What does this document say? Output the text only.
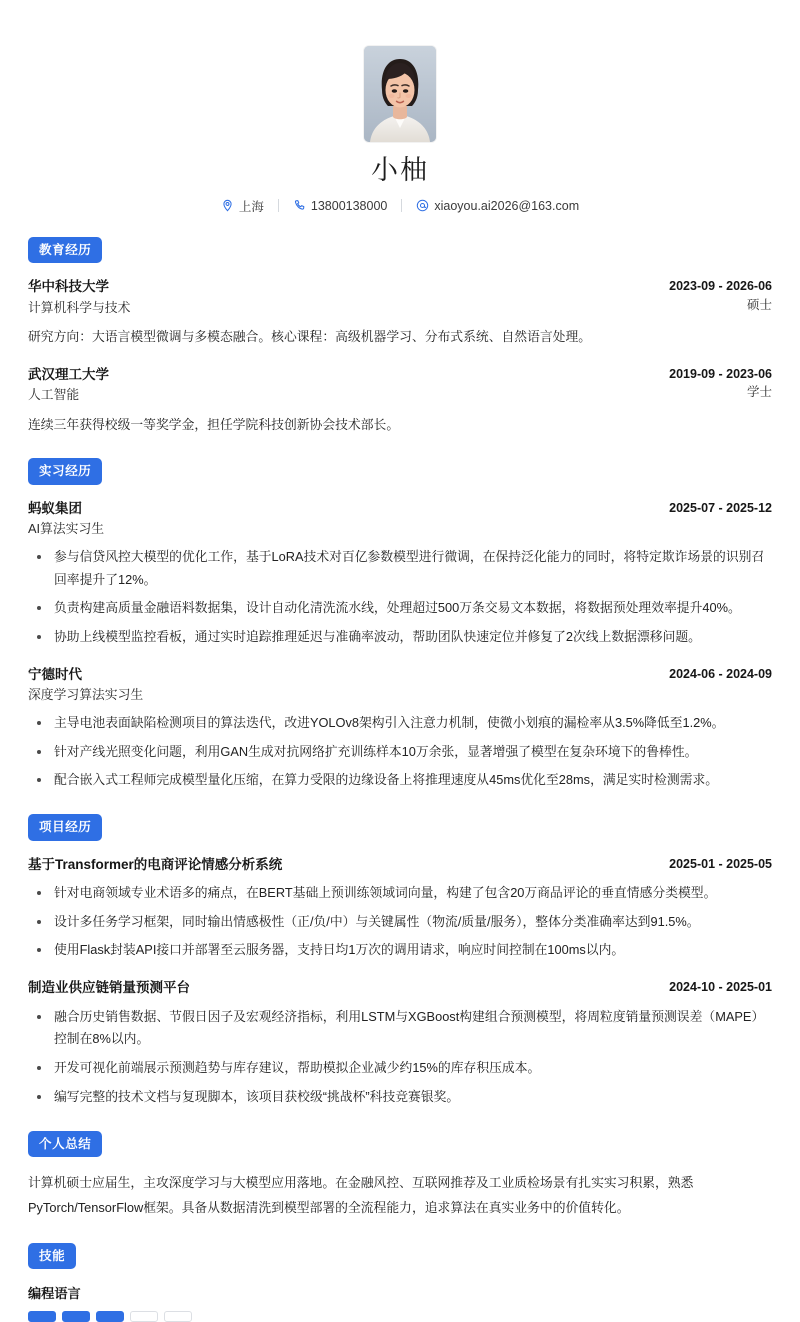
小柚
上海	13800138000	xiaoyou.ai2026@163.com
教育经历
华中科技大学
计算机科学与技术
2023-09 - 2026-06
硕士
研究方向：大语言模型微调与多模态融合。核心课程：高级机器学习、分布式系统、自然语言处理。
武汉理工大学
人工智能
2019-09 - 2023-06
学士
连续三年获得校级一等奖学金，担任学院科技创新协会技术部长。
实习经历
蚂蚁集团
AI算法实习生
2025-07 - 2025-12
参与信贷风控大模型的优化工作，基于LoRA技术对百亿参数模型进行微调，在保持泛化能力的同时，将特定欺诈场景的识别召回率提升了12%。
负责构建高质量金融语料数据集，设计自动化清洗流水线，处理超过500万条交易文本数据，将数据预处理效率提升40%。
协助上线模型监控看板，通过实时追踪推理延迟与准确率波动，帮助团队快速定位并修复了2次线上数据漂移问题。
宁德时代
深度学习算法实习生
2024-06 - 2024-09
主导电池表面缺陷检测项目的算法迭代，改进YOLOv8架构引入注意力机制，使微小划痕的漏检率从3.5%降低至1.2%。
针对产线光照变化问题，利用GAN生成对抗网络扩充训练样本10万余张，显著增强了模型在复杂环境下的鲁棒性。
配合嵌入式工程师完成模型量化压缩，在算力受限的边缘设备上将推理速度从45ms优化至28ms，满足实时检测需求。
项目经历
基于Transformer的电商评论情感分析系统	2025-01 - 2025-05
针对电商领域专业术语多的痛点，在BERT基础上预训练领域词向量，构建了包含20万商品评论的垂直情感分类模型。
设计多任务学习框架，同时输出情感极性（正/负/中）与关键属性（物流/质量/服务），整体分类准确率达到91.5%。
使用Flask封装API接口并部署至云服务器，支持日均1万次的调用请求，响应时间控制在100ms以内。
制造业供应链销量预测平台	2024-10 - 2025-01
融合历史销售数据、节假日因子及宏观经济指标，利用LSTM与XGBoost构建组合预测模型，将周粒度销量预测误差（MAPE）控制在8%以内。
开发可视化前端展示预测趋势与库存建议，帮助模拟企业减少约15%的库存积压成本。
编写完整的技术文档与复现脚本，该项目获校级“挑战杯”科技竞赛银奖。
个人总结
计算机硕士应届生，主攻深度学习与大模型应用落地。在金融风控、互联网推荐及工业质检场景有扎实实习积累，熟悉PyTorch/TensorFlow框架。具备从数据清洗到模型部署的全流程能力，追求算法在真实业务中的价值转化。
技能
编程语言
